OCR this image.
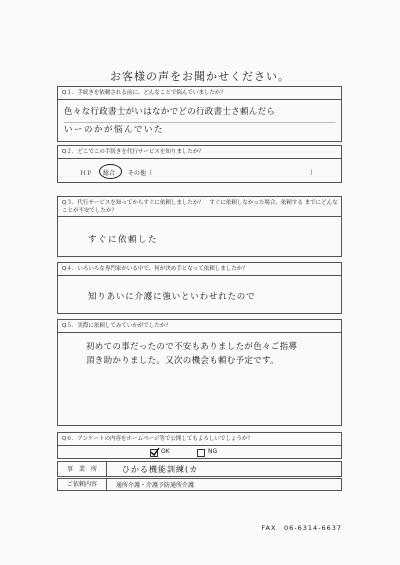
お客様の声をお聞かせください。
Q１．手続きを依頼される前に、どんなことで悩んでいましたか？
色々な行政書士がいはなかでどの行政書士さ頼んだら
いーのかが悩んでいた
Q２．どこでこの手続きを代行サービスを知りましたか？
ＨＰ 総合 その他（	）
Q３．代行サービスを知ってからすぐに依頼しましたか？　すぐに依頼しなかった場合、依頼する までにどんなことが不安でしたか？
すぐに依頼した
Q４．いろいろな専門家がいる中で、何が決め手となって依頼しましたか？
知りあいに介護に強いといわせれたので
Q５．実際に依頼してみていかがでしたか？
初めての事だったので不安もありましたが色々ご指導
頂き助かりました。又次の機会も頼む予定です。
Q６．アンケートの内容をホームページ等で公開してもよろしいでしょうか？
OK	NG
事　業　所	ひかる機能訓練(カ
ご依頼内容	通所介護・介護予防通所介護
FAX　06-6314-6637
